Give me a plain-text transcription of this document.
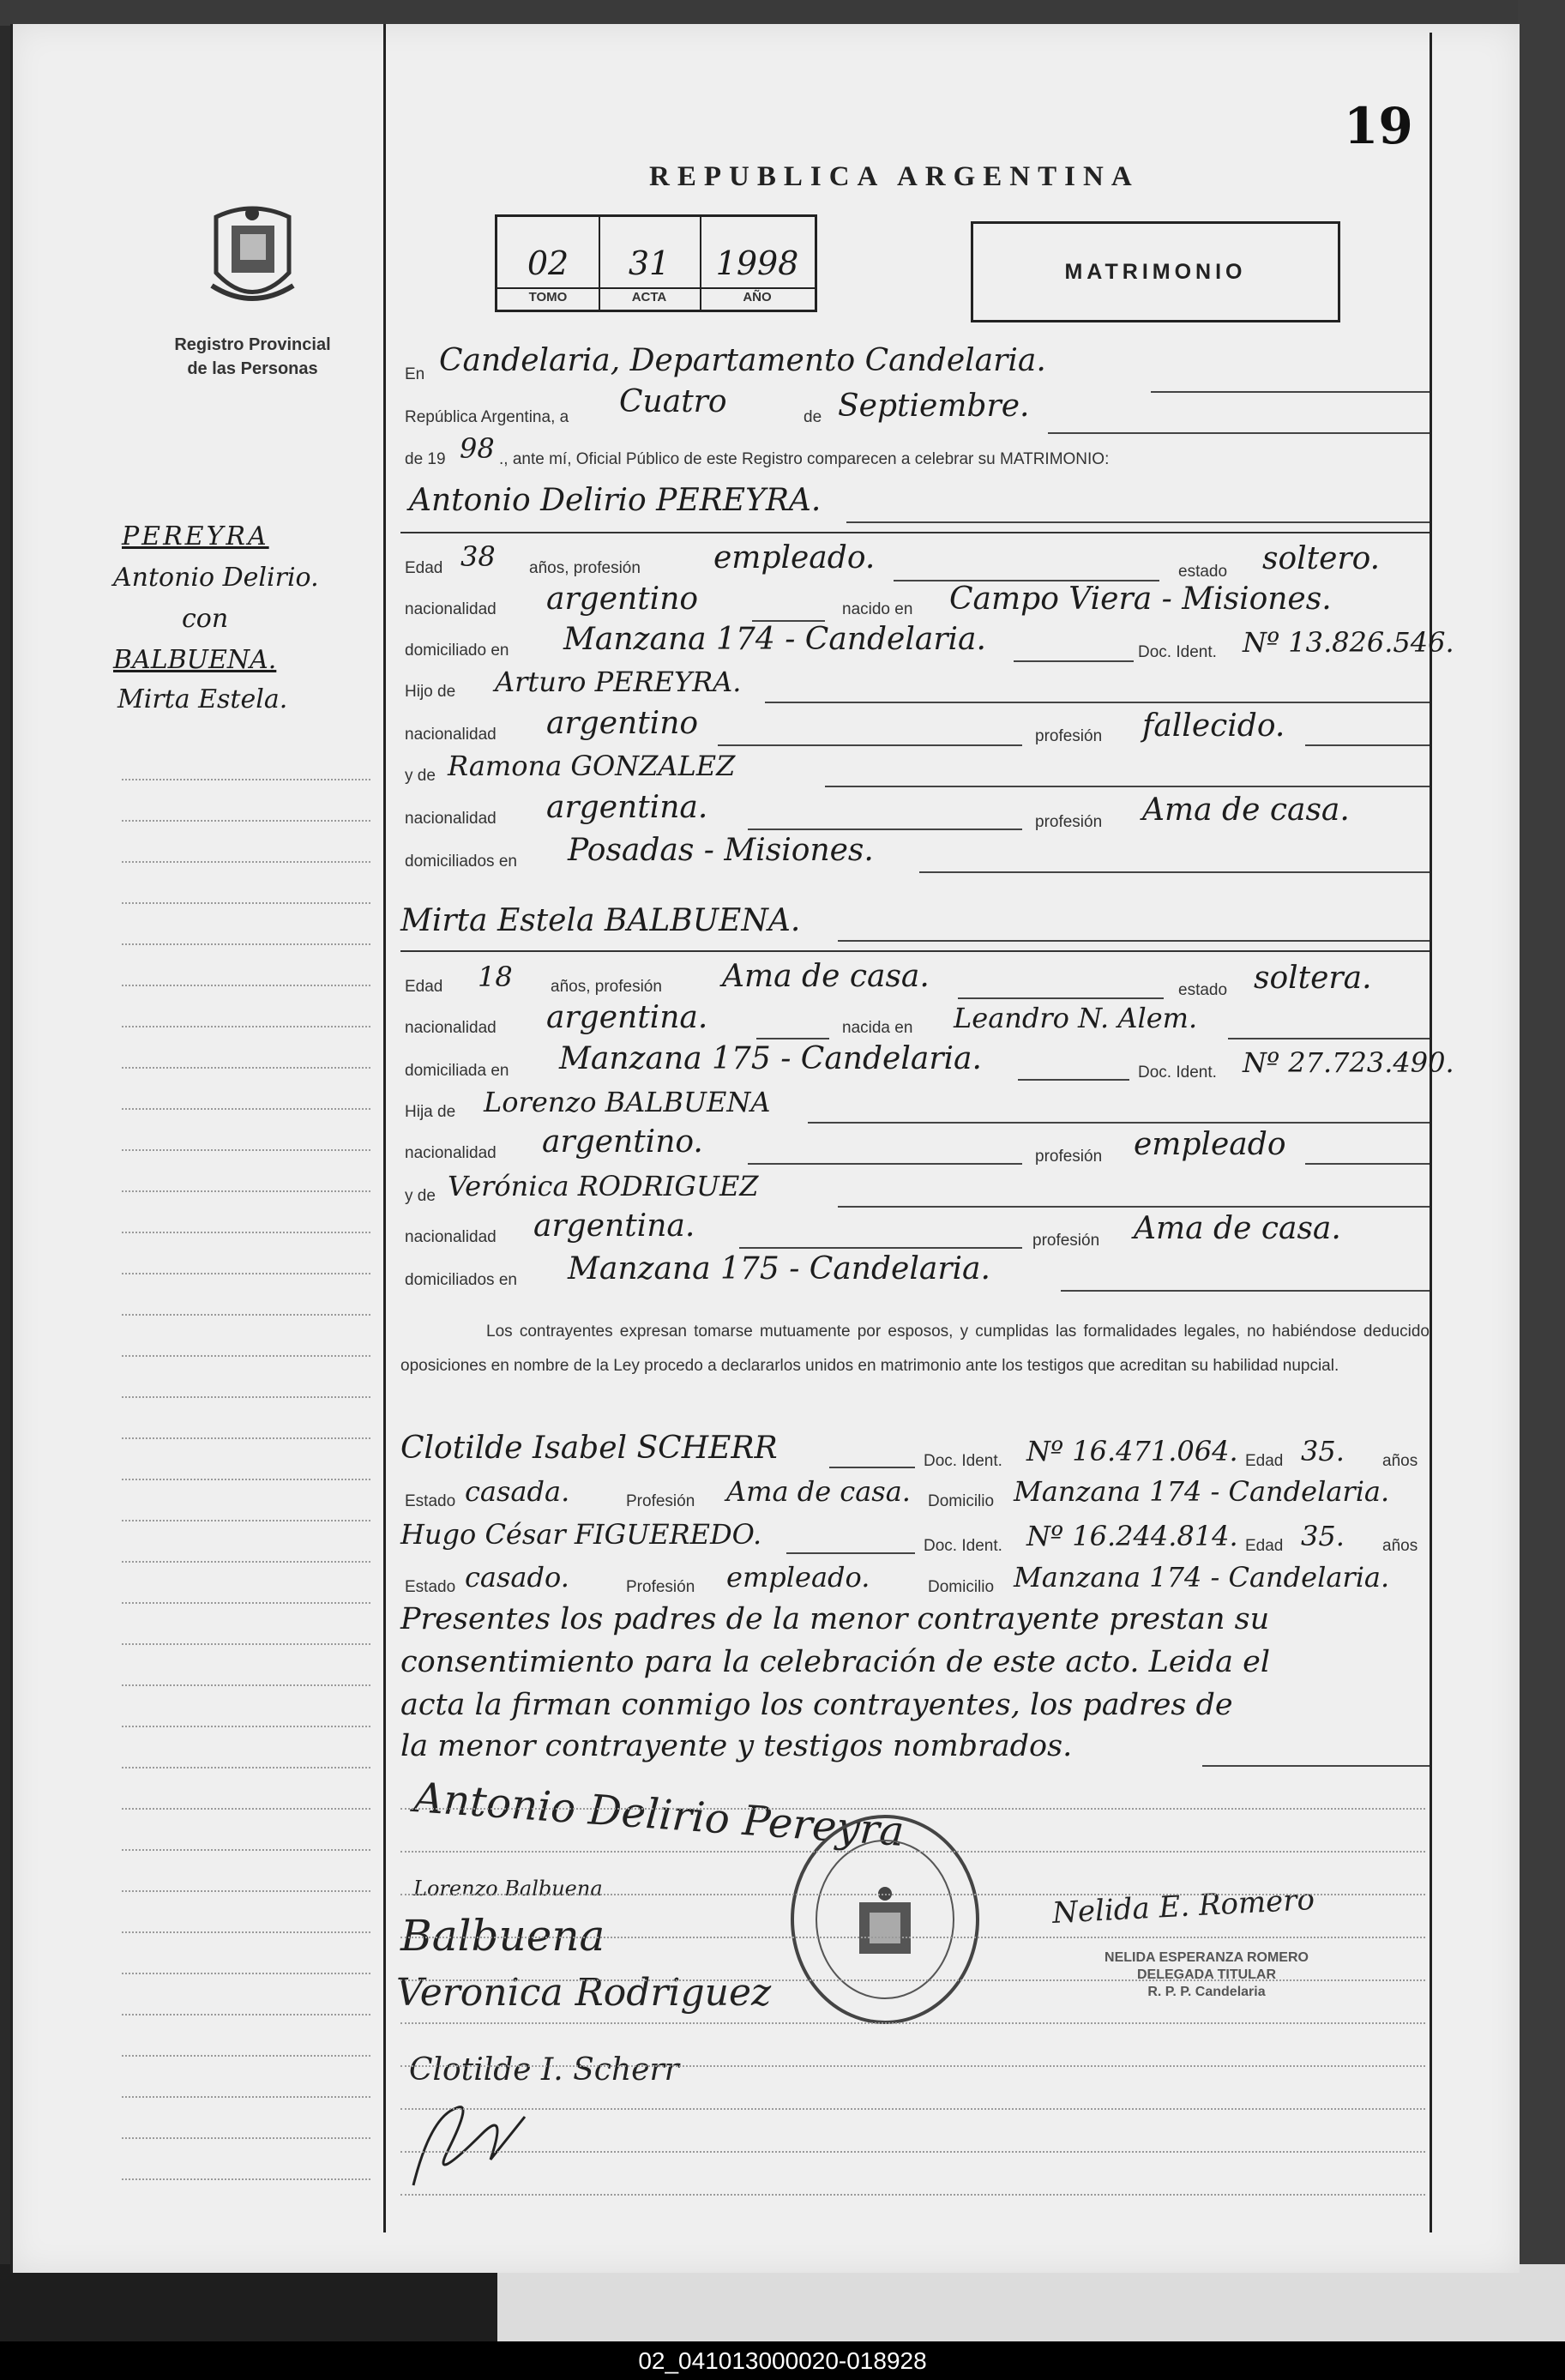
Registro Provincial
de las Personas
PEREYRA
Antonio Delirio.
con
BALBUENA.
Mirta Estela.
19
REPUBLICA ARGENTINA
02
TOMO
31
ACTA
1998
AÑO
MATRIMONIO
En Candelaria, Departamento Candelaria.
República Argentina, a Cuatro	de Septiembre.
de 19 98 ., ante mí, Oficial Público de este Registro comparecen a celebrar su MATRIMONIO:
Antonio Delirio PEREYRA.
Edad 38 años, profesión empleado.	estado soltero.
nacionalidad argentino	nacido en Campo Viera - Misiones.
domiciliado en Manzana 174 - Candelaria.	Doc. Ident. Nº 13.826.546.
Hijo de Arturo PEREYRA.
nacionalidad argentino	profesión fallecido.
y de Ramona GONZALEZ
nacionalidad argentina.	profesión Ama de casa.
domiciliados en Posadas - Misiones.
Mirta Estela BALBUENA.
Edad 18 años, profesión Ama de casa.	estado soltera.
nacionalidad argentina.	nacida en Leandro N. Alem.
domiciliada en Manzana 175 - Candelaria.	Doc. Ident. Nº 27.723.490.
Hija de Lorenzo BALBUENA
nacionalidad argentino.	profesión empleado
y de Verónica RODRIGUEZ
nacionalidad argentina.	profesión Ama de casa.
domiciliados en Manzana 175 - Candelaria.
Los contrayentes expresan tomarse mutuamente por esposos, y cumplidas las formalidades legales, no habiéndose deducido oposiciones en nombre de la Ley procedo a declararlos unidos en matrimonio ante los testigos que acreditan su habilidad nupcial.
Clotilde Isabel SCHERR	Doc. Ident. Nº 16.471.064. Edad 35. años
Estado casada.	Profesión Ama de casa. Domicilio Manzana 174 - Candelaria.
Hugo César FIGUEREDO.	Doc. Ident. Nº 16.244.814. Edad 35. años
Estado casado.	Profesión empleado.	Domicilio Manzana 174 - Candelaria.
Presentes los padres de la menor contrayente prestan su
consentimiento para la celebración de este acto. Leida el
acta la firman conmigo los contrayentes, los padres de
la menor contrayente y testigos nombrados.
Antonio Delirio Pereyra
Lorenzo Balbuena
Balbuena
Veronica Rodriguez
Clotilde I. Scherr
Nelida E. Romero
NELIDA ESPERANZA ROMERO
DELEGADA TITULAR
R. P. P. Candelaria
02_041013000020-018928
